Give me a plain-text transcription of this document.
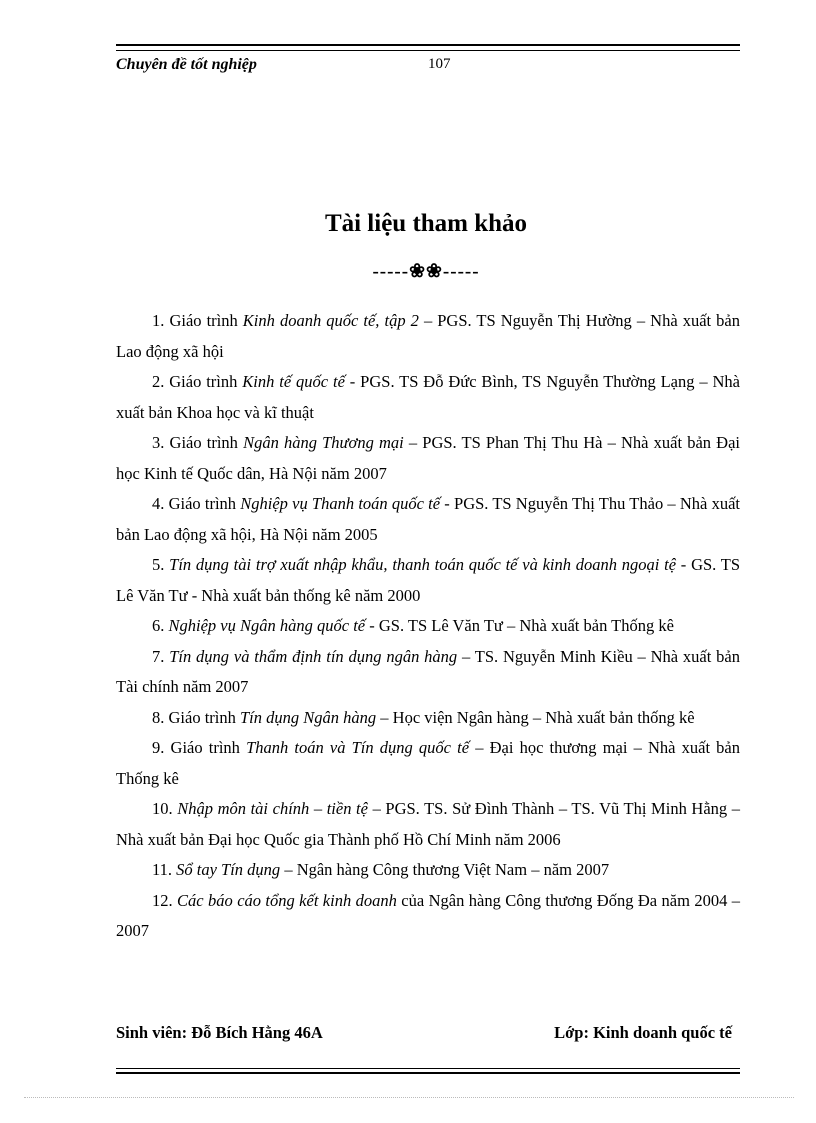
Chuyên đề tốt nghiệp	107
Tài liệu tham khảo
-----❀❀-----

1. Giáo trình Kinh doanh quốc tế, tập 2 – PGS. TS Nguyễn Thị Hường – Nhà xuất bản Lao động xã hội

2. Giáo trình Kinh tế quốc tế - PGS. TS Đỗ Đức Bình, TS Nguyễn Thường Lạng – Nhà xuất bản Khoa học và kĩ thuật

3. Giáo trình Ngân hàng Thương mại – PGS. TS Phan Thị Thu Hà – Nhà xuất bản Đại học Kinh tế Quốc dân, Hà Nội năm 2007

4. Giáo trình Nghiệp vụ Thanh toán quốc tế - PGS. TS Nguyễn Thị Thu Thảo – Nhà xuất bản Lao động xã hội, Hà Nội năm 2005

5. Tín dụng tài trợ xuất nhập khẩu, thanh toán quốc tế và kinh doanh ngoại tệ - GS. TS Lê Văn Tư - Nhà xuất bản thống kê năm 2000

6. Nghiệp vụ Ngân hàng quốc tế - GS. TS Lê Văn Tư – Nhà xuất bản Thống kê

7. Tín dụng và thẩm định tín dụng ngân hàng – TS. Nguyễn Minh Kiều – Nhà xuất bản Tài chính năm 2007

8. Giáo trình Tín dụng Ngân hàng – Học viện Ngân hàng – Nhà xuất bản thống kê

9. Giáo trình Thanh toán và Tín dụng quốc tế – Đại học thương mại – Nhà xuất bản Thống kê

10. Nhập môn tài chính – tiền tệ – PGS. TS. Sử Đình Thành – TS. Vũ Thị Minh Hằng – Nhà xuất bản Đại học Quốc gia Thành phố Hồ Chí Minh năm 2006

11. Sổ tay Tín dụng – Ngân hàng Công thương Việt Nam – năm 2007

12. Các báo cáo tổng kết kinh doanh của Ngân hàng Công thương Đống Đa năm 2004 – 2007

Sinh viên: Đỗ Bích Hằng 46A	Lớp: Kinh doanh quốc tế
